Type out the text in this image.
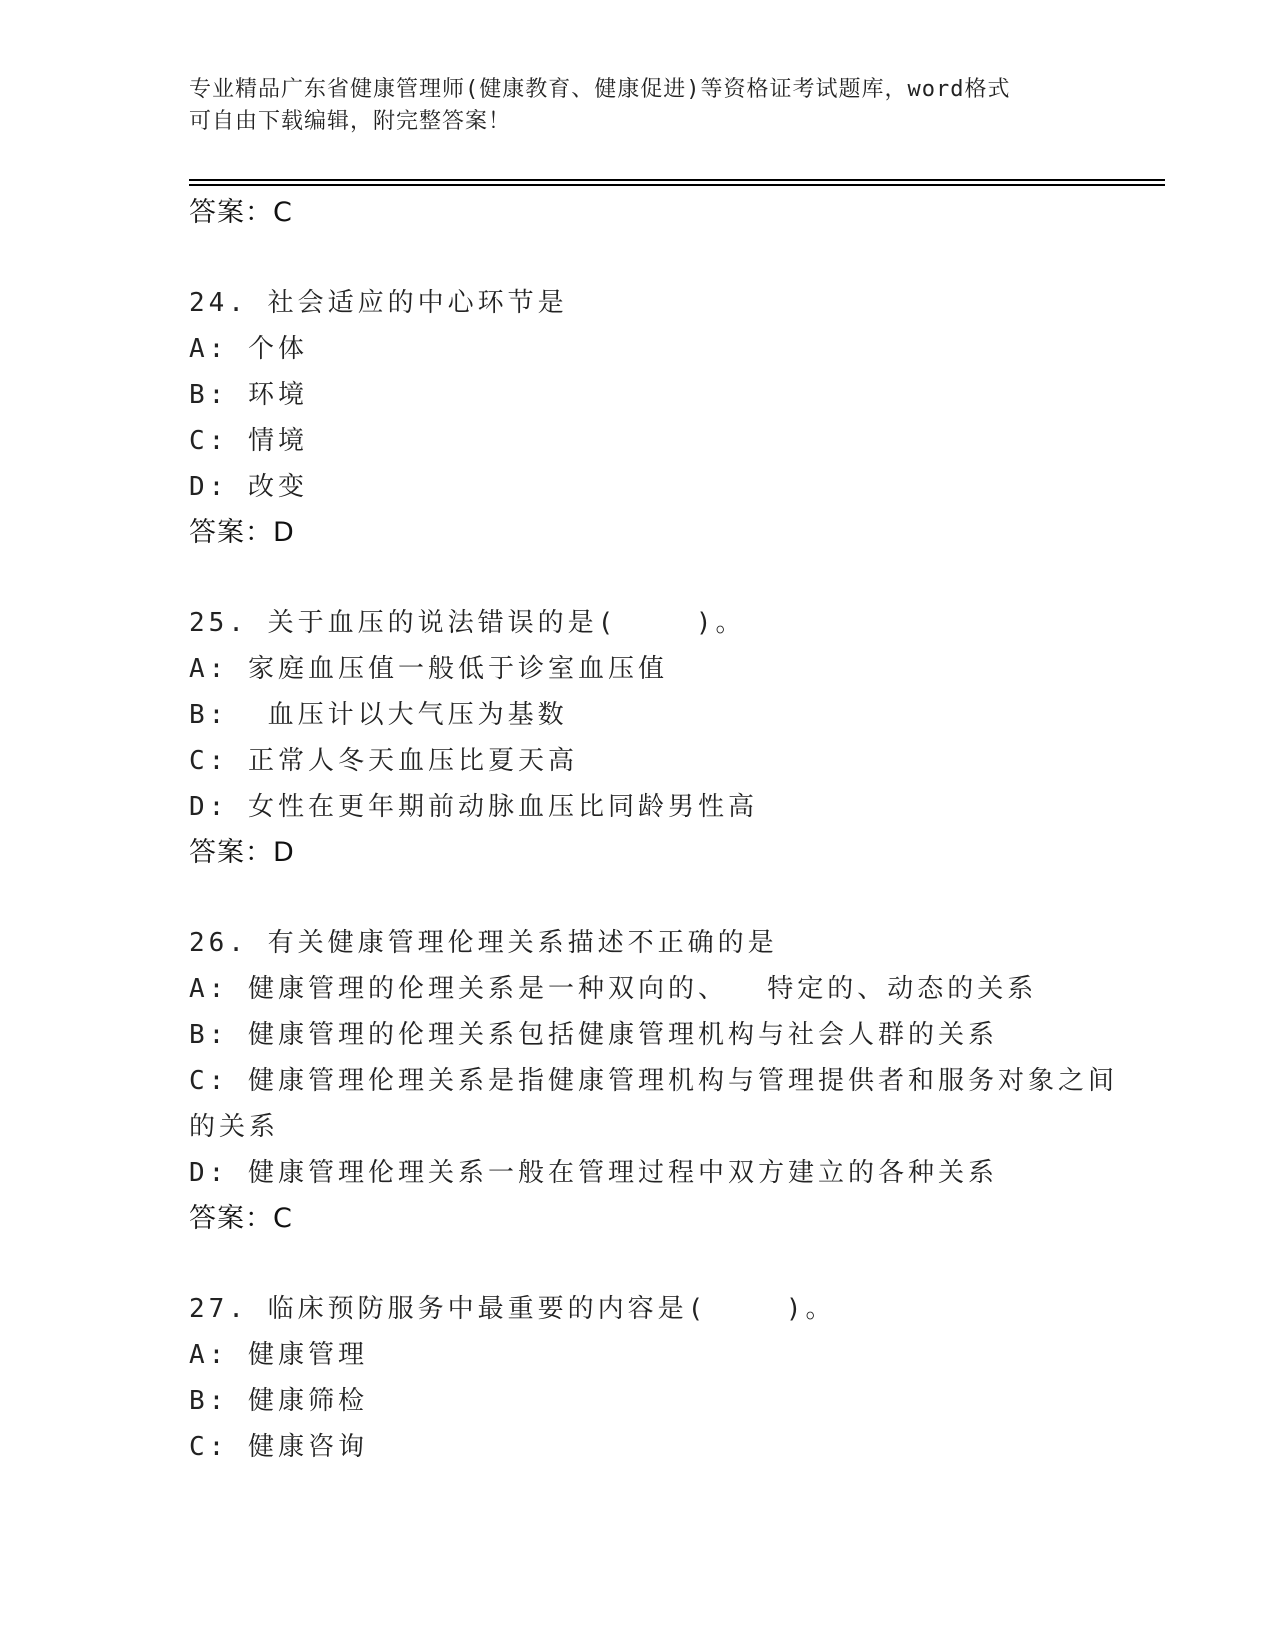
专业精品广东省健康管理师(健康教育、健康促进)等资格证考试题库，word格式
可自由下载编辑，附完整答案！
答案：C
24. 社会适应的中心环节是
A: 个体
B: 环境
C: 情境
D: 改变
答案：D
25. 关于血压的说法错误的是(    )。
A: 家庭血压值一般低于诊室血压值
B:  血压计以大气压为基数
C: 正常人冬天血压比夏天高
D: 女性在更年期前动脉血压比同龄男性高
答案：D
26. 有关健康管理伦理关系描述不正确的是
A: 健康管理的伦理关系是一种双向的、  特定的、动态的关系
B: 健康管理的伦理关系包括健康管理机构与社会人群的关系
C: 健康管理伦理关系是指健康管理机构与管理提供者和服务对象之间的关系
D: 健康管理伦理关系一般在管理过程中双方建立的各种关系
答案：C
27. 临床预防服务中最重要的内容是(    )。
A: 健康管理
B: 健康筛检
C: 健康咨询
